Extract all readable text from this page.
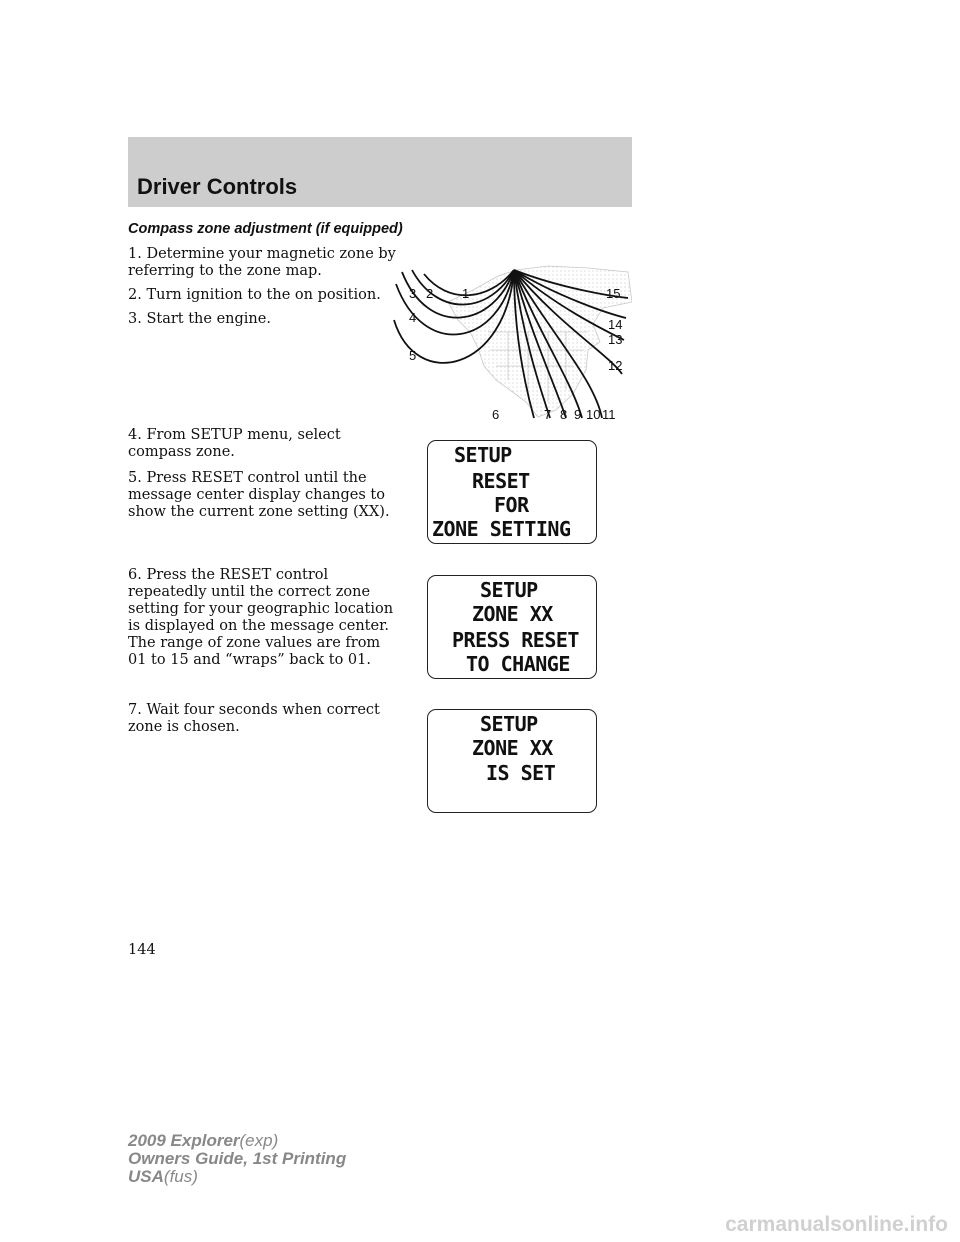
Driver Controls
Compass zone adjustment (if equipped)

1. Determine your magnetic zone by referring to the zone map.

2. Turn ignition to the on position.

3. Start the engine.

4. From SETUP menu, select compass zone.

5. Press RESET control until the message center display changes to show the current zone setting (XX).

6. Press the RESET control repeatedly until the correct zone setting for your geographic location is displayed on the message center. The range of zone values are from 01 to 15 and “wraps” back to 01.

7. Wait four seconds when correct zone is chosen.

1
2
3
4
5
6	7 8 9 10 11
12
13
14
15
SETUP
RESET
FOR
ZONE SETTING
SETUP
ZONE XX
PRESS RESET
TO CHANGE
SETUP
ZONE XX
IS SET

144

2009 Explorer(exp)
Owners Guide, 1st Printing
USA(fus)
carmanualsonline.info
